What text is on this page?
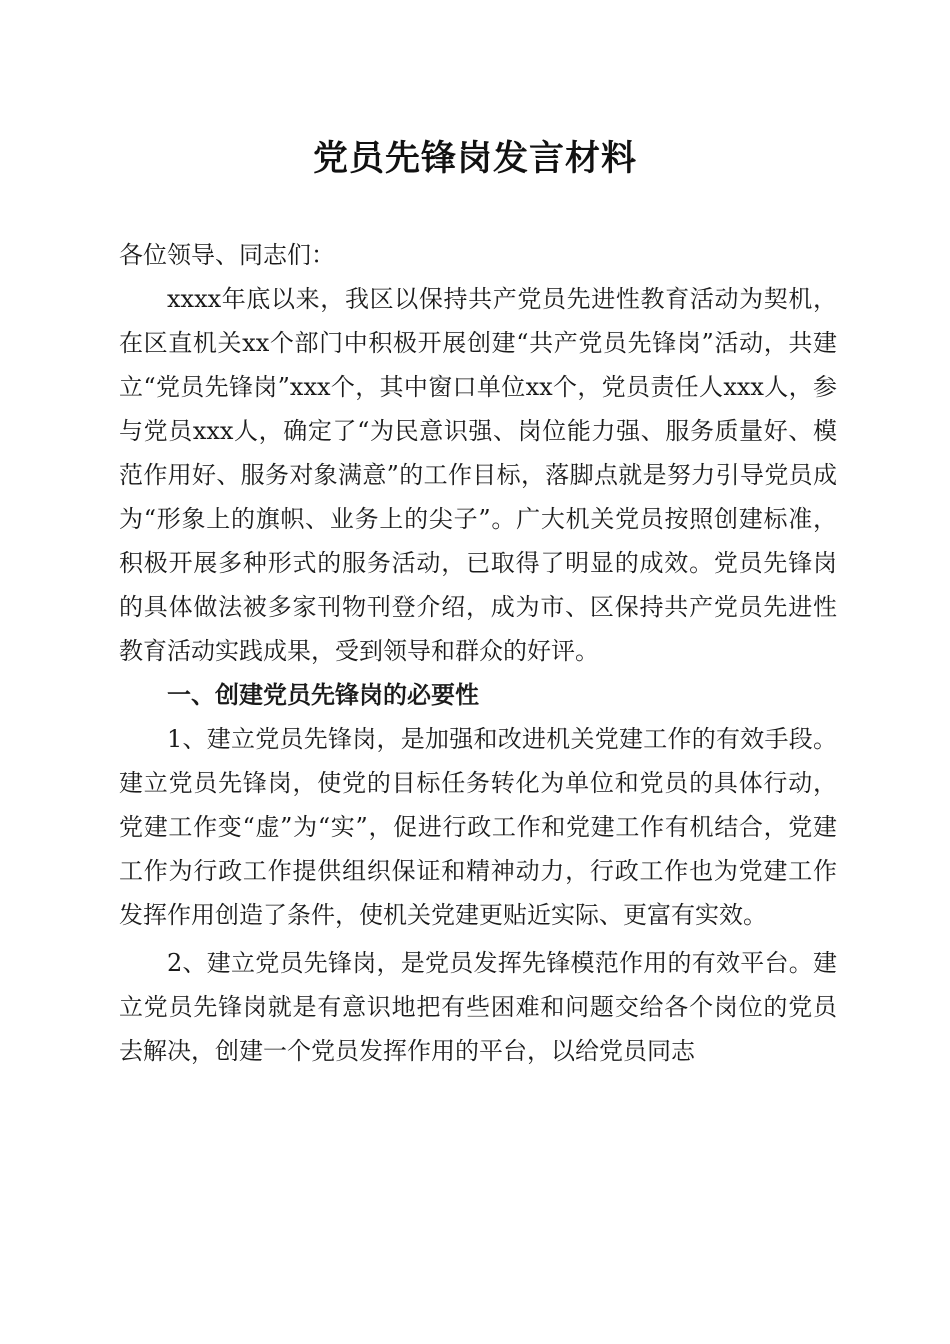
党员先锋岗发言材料

各位领导、同志们：

xxxx年底以来，我区以保持共产党员先进性教育活动为契机，在区直机关xx个部门中积极开展创建“共产党员先锋岗”活动，共建立“党员先锋岗”xxx个，其中窗口单位xx个，党员责任人xxx人，参与党员xxx人，确定了“为民意识强、岗位能力强、服务质量好、模范作用好、服务对象满意”的工作目标，落脚点就是努力引导党员成为“形象上的旗帜、业务上的尖子”。广大机关党员按照创建标准，积极开展多种形式的服务活动，已取得了明显的成效。党员先锋岗的具体做法被多家刊物刊登介绍，成为市、区保持共产党员先进性教育活动实践成果，受到领导和群众的好评。

一、创建党员先锋岗的必要性

1、建立党员先锋岗，是加强和改进机关党建工作的有效手段。建立党员先锋岗，使党的目标任务转化为单位和党员的具体行动，党建工作变“虚”为“实”，促进行政工作和党建工作有机结合，党建工作为行政工作提供组织保证和精神动力，行政工作也为党建工作发挥作用创造了条件，使机关党建更贴近实际、更富有实效。

2、建立党员先锋岗，是党员发挥先锋模范作用的有效平台。建立党员先锋岗就是有意识地把有些困难和问题交给各个岗位的党员去解决，创建一个党员发挥作用的平台，以给党员同志
